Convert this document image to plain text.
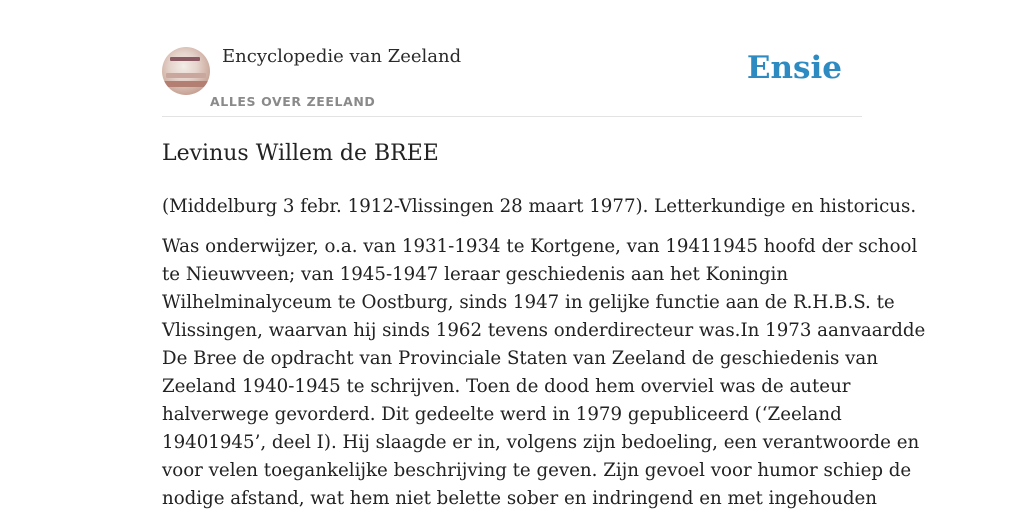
Encyclopedie van Zeeland
ALLES OVER ZEELAND
Ensie
Levinus Willem de BREE

(Middelburg 3 febr. 1912-Vlissingen 28 maart 1977). Letterkundige en historicus.

Was onderwijzer, o.a. van 1931-1934 te Kortgene, van 19411945 hoofd der school
te Nieuwveen; van 1945-1947 leraar geschiedenis aan het Koningin
Wilhelminalyceum te Oostburg, sinds 1947 in gelijke functie aan de R.H.B.S. te
Vlissingen, waarvan hij sinds 1962 tevens onderdirecteur was.In 1973 aanvaardde
De Bree de opdracht van Provinciale Staten van Zeeland de geschiedenis van
Zeeland 1940-1945 te schrijven. Toen de dood hem overviel was de auteur
halverwege gevorderd. Dit gedeelte werd in 1979 gepubliceerd (‘Zeeland
19401945’, deel I). Hij slaagde er in, volgens zijn bedoeling, een verantwoorde en
voor velen toegankelijke beschrijving te geven. Zijn gevoel voor humor schiep de
nodige afstand, wat hem niet belette sober en indringend en met ingehouden
